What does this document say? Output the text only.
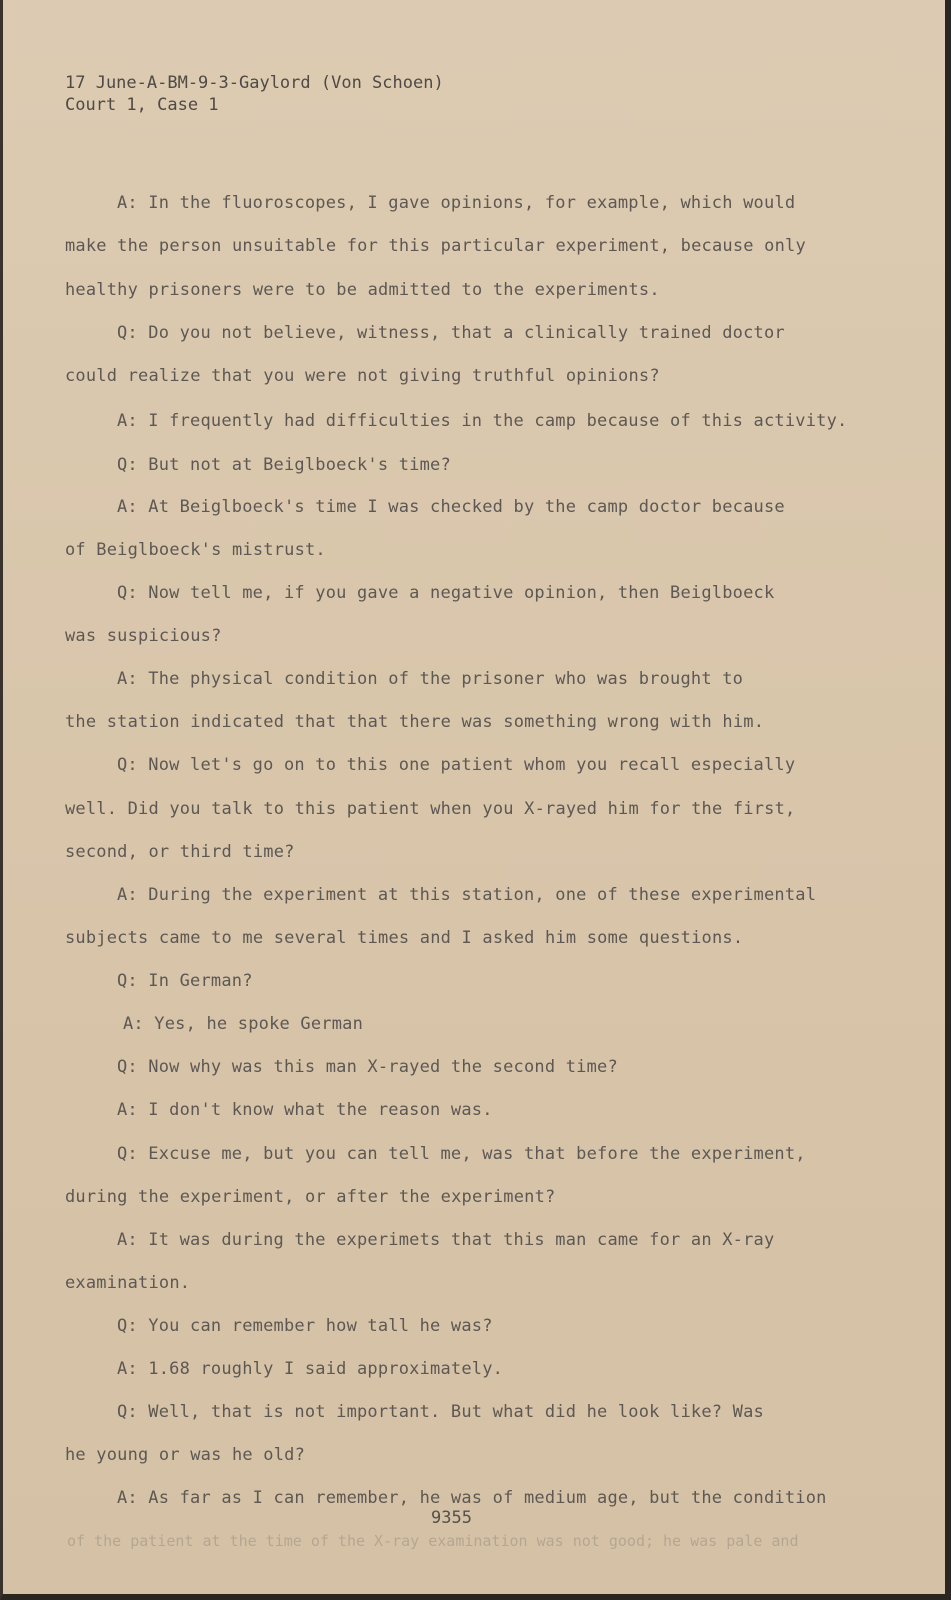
17 June-A-BM-9-3-Gaylord (Von Schoen)
Court 1, Case 1
A: In the fluoroscopes, I gave opinions, for example, which would
make the person unsuitable for this particular experiment, because only
healthy prisoners were to be admitted to the experiments.
Q: Do you not believe, witness, that a clinically trained doctor
could realize that you were not giving truthful opinions?
A: I frequently had difficulties in the camp because of this activity.
Q: But not at Beiglboeck's time?
A: At Beiglboeck's time I was checked by the camp doctor because
of Beiglboeck's mistrust.
Q: Now tell me, if you gave a negative opinion, then Beiglboeck
was suspicious?
A: The physical condition of the prisoner who was brought to
the station indicated that that there was something wrong with him.
Q: Now let's go on to this one patient whom you recall especially
well. Did you talk to this patient when you X-rayed him for the first,
second, or third time?
A: During the experiment at this station, one of these experimental
subjects came to me several times and I asked him some questions.
Q: In German?
A: Yes, he spoke German
Q: Now why was this man X-rayed the second time?
A: I don't know what the reason was.
Q: Excuse me, but you can tell me, was that before the experiment,
during the experiment, or after the experiment?
A: It was during the experimets that this man came for an X-ray
examination.
Q: You can remember how tall he was?
A: 1.68 roughly I said approximately.
Q: Well, that is not important. But what did he look like? Was
he young or was he old?
A: As far as I can remember, he was of medium age, but the condition
9355
of the patient at the time of the X-ray examination was not good; he was pale and
